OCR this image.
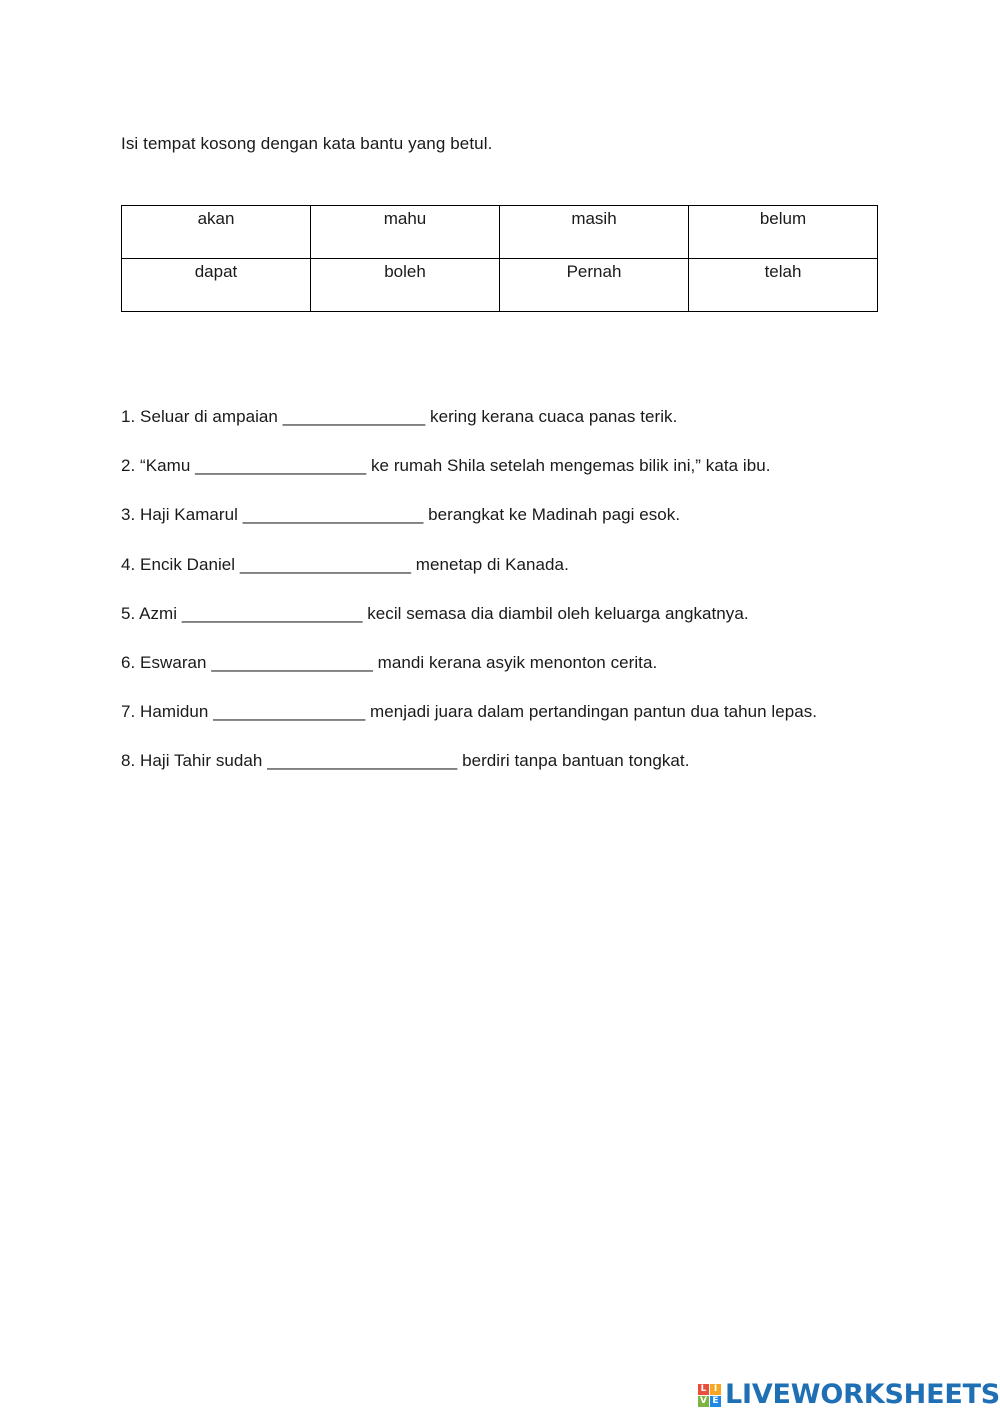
Isi tempat kosong dengan kata bantu yang betul.
akan	mahu	masih	belum
dapat	boleh	Pernah	telah
1. Seluar di ampaian _______________ kering kerana cuaca panas terik.
2. “Kamu __________________ ke rumah Shila setelah mengemas bilik ini,” kata ibu.
3. Haji Kamarul ___________________ berangkat ke Madinah pagi esok.
4. Encik Daniel __________________ menetap di Kanada.
5. Azmi ___________________ kecil semasa dia diambil oleh keluarga angkatnya.
6. Eswaran _________________ mandi kerana asyik menonton cerita.
7. Hamidun ________________ menjadi juara dalam pertandingan pantun dua tahun lepas.
8. Haji Tahir sudah ____________________ berdiri tanpa bantuan tongkat.
L I
V E LIVEWORKSHEETS
